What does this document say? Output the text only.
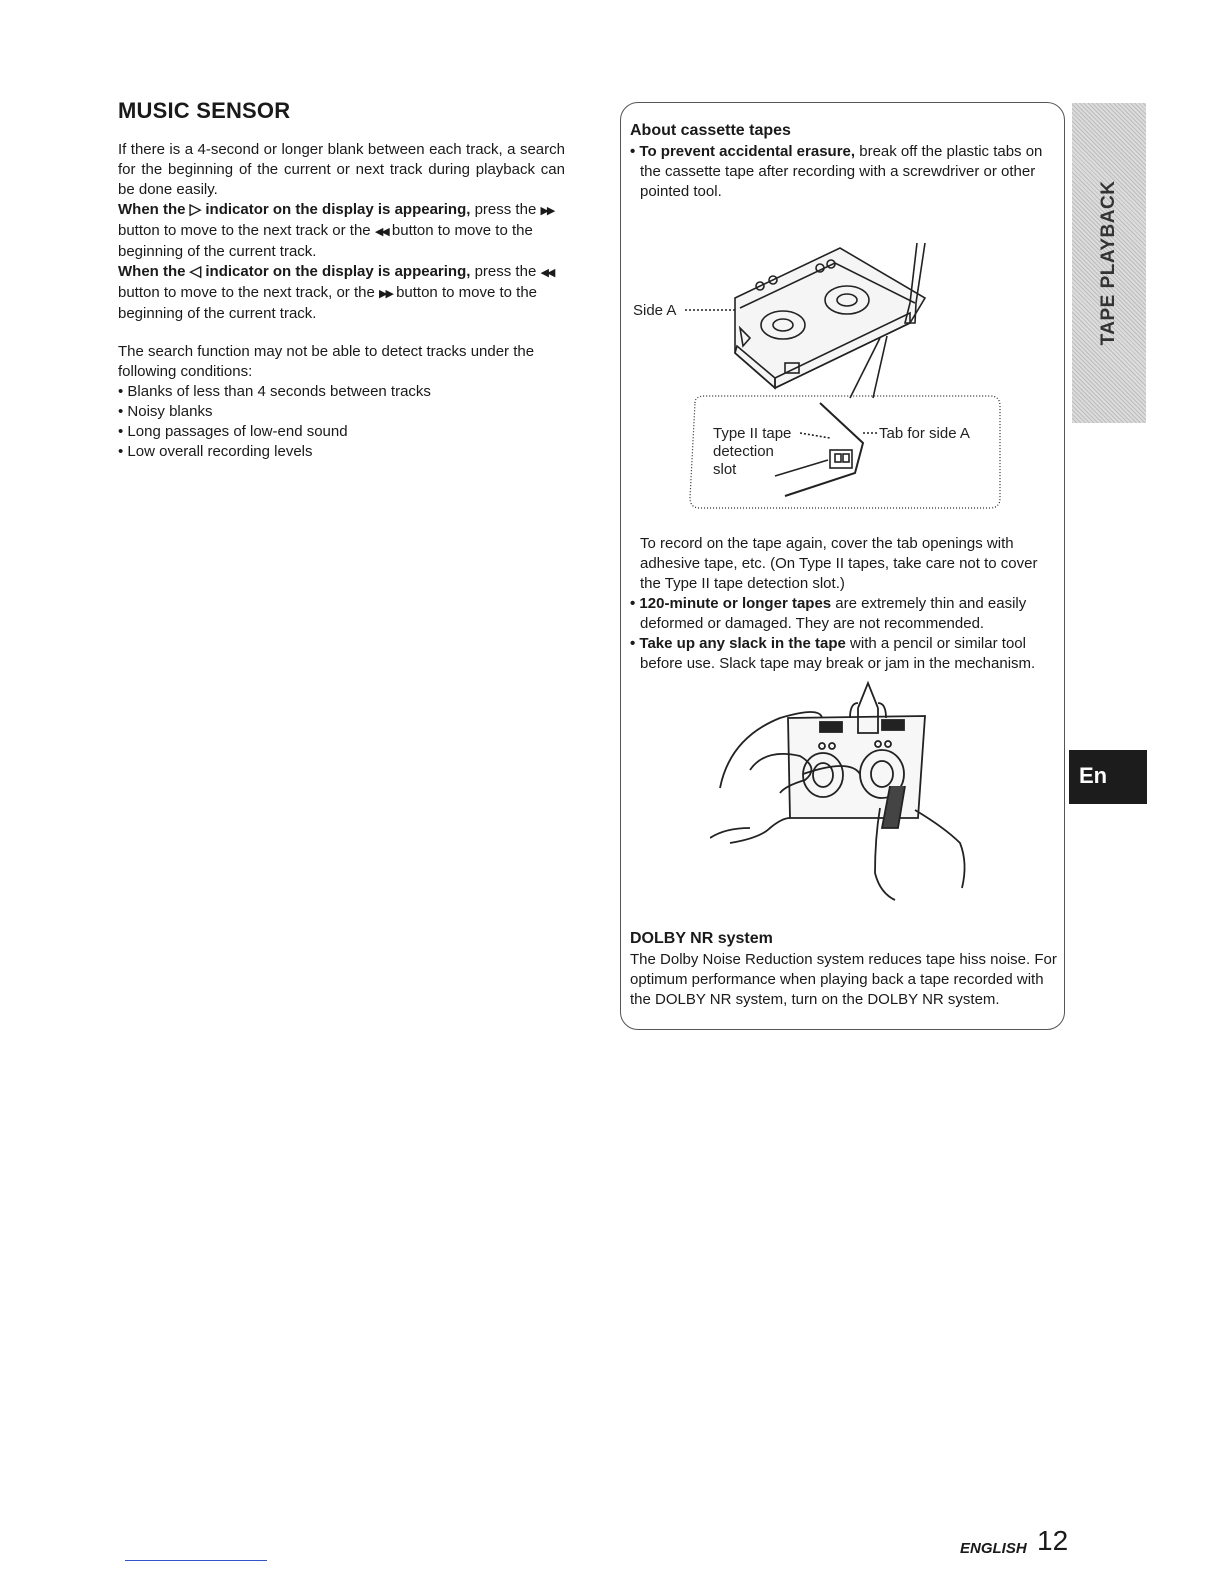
MUSIC SENSOR

If there is a 4-second or longer blank between each track, a search for the beginning of the current or next track during playback can be done easily.

When the ▷ indicator on the display is appearing, press the ▶▶ button to move to the next track or the ◀◀ button to move to the beginning of the current track.

When the ◁ indicator on the display is appearing, press the ◀◀ button to move to the next track, or the ▶▶ button to move to the beginning of the current track.

The search function may not be able to detect tracks under the following conditions:

• Blanks of less than 4 seconds between tracks

• Noisy blanks

• Long passages of low-end sound

• Low overall recording levels

About cassette tapes

• To prevent accidental erasure, break off the plastic tabs on the cassette tape after recording with a screwdriver or other pointed tool.

Side A
Type II tape
detection
slot
Tab for side A

To record on the tape again, cover the tab openings with adhesive tape, etc. (On Type II tapes, take care not to cover the Type II tape detection slot.)

• 120-minute or longer tapes are extremely thin and easily deformed or damaged. They are not recommended.

• Take up any slack in the tape with a pencil or similar tool before use. Slack tape may break or jam in the mechanism.

DOLBY NR system
The Dolby Noise Reduction system reduces tape hiss noise. For optimum performance when playing back a tape recorded with the DOLBY NR system, turn on the DOLBY NR system.
TAPE PLAYBACK
En
ENGLISH 12
